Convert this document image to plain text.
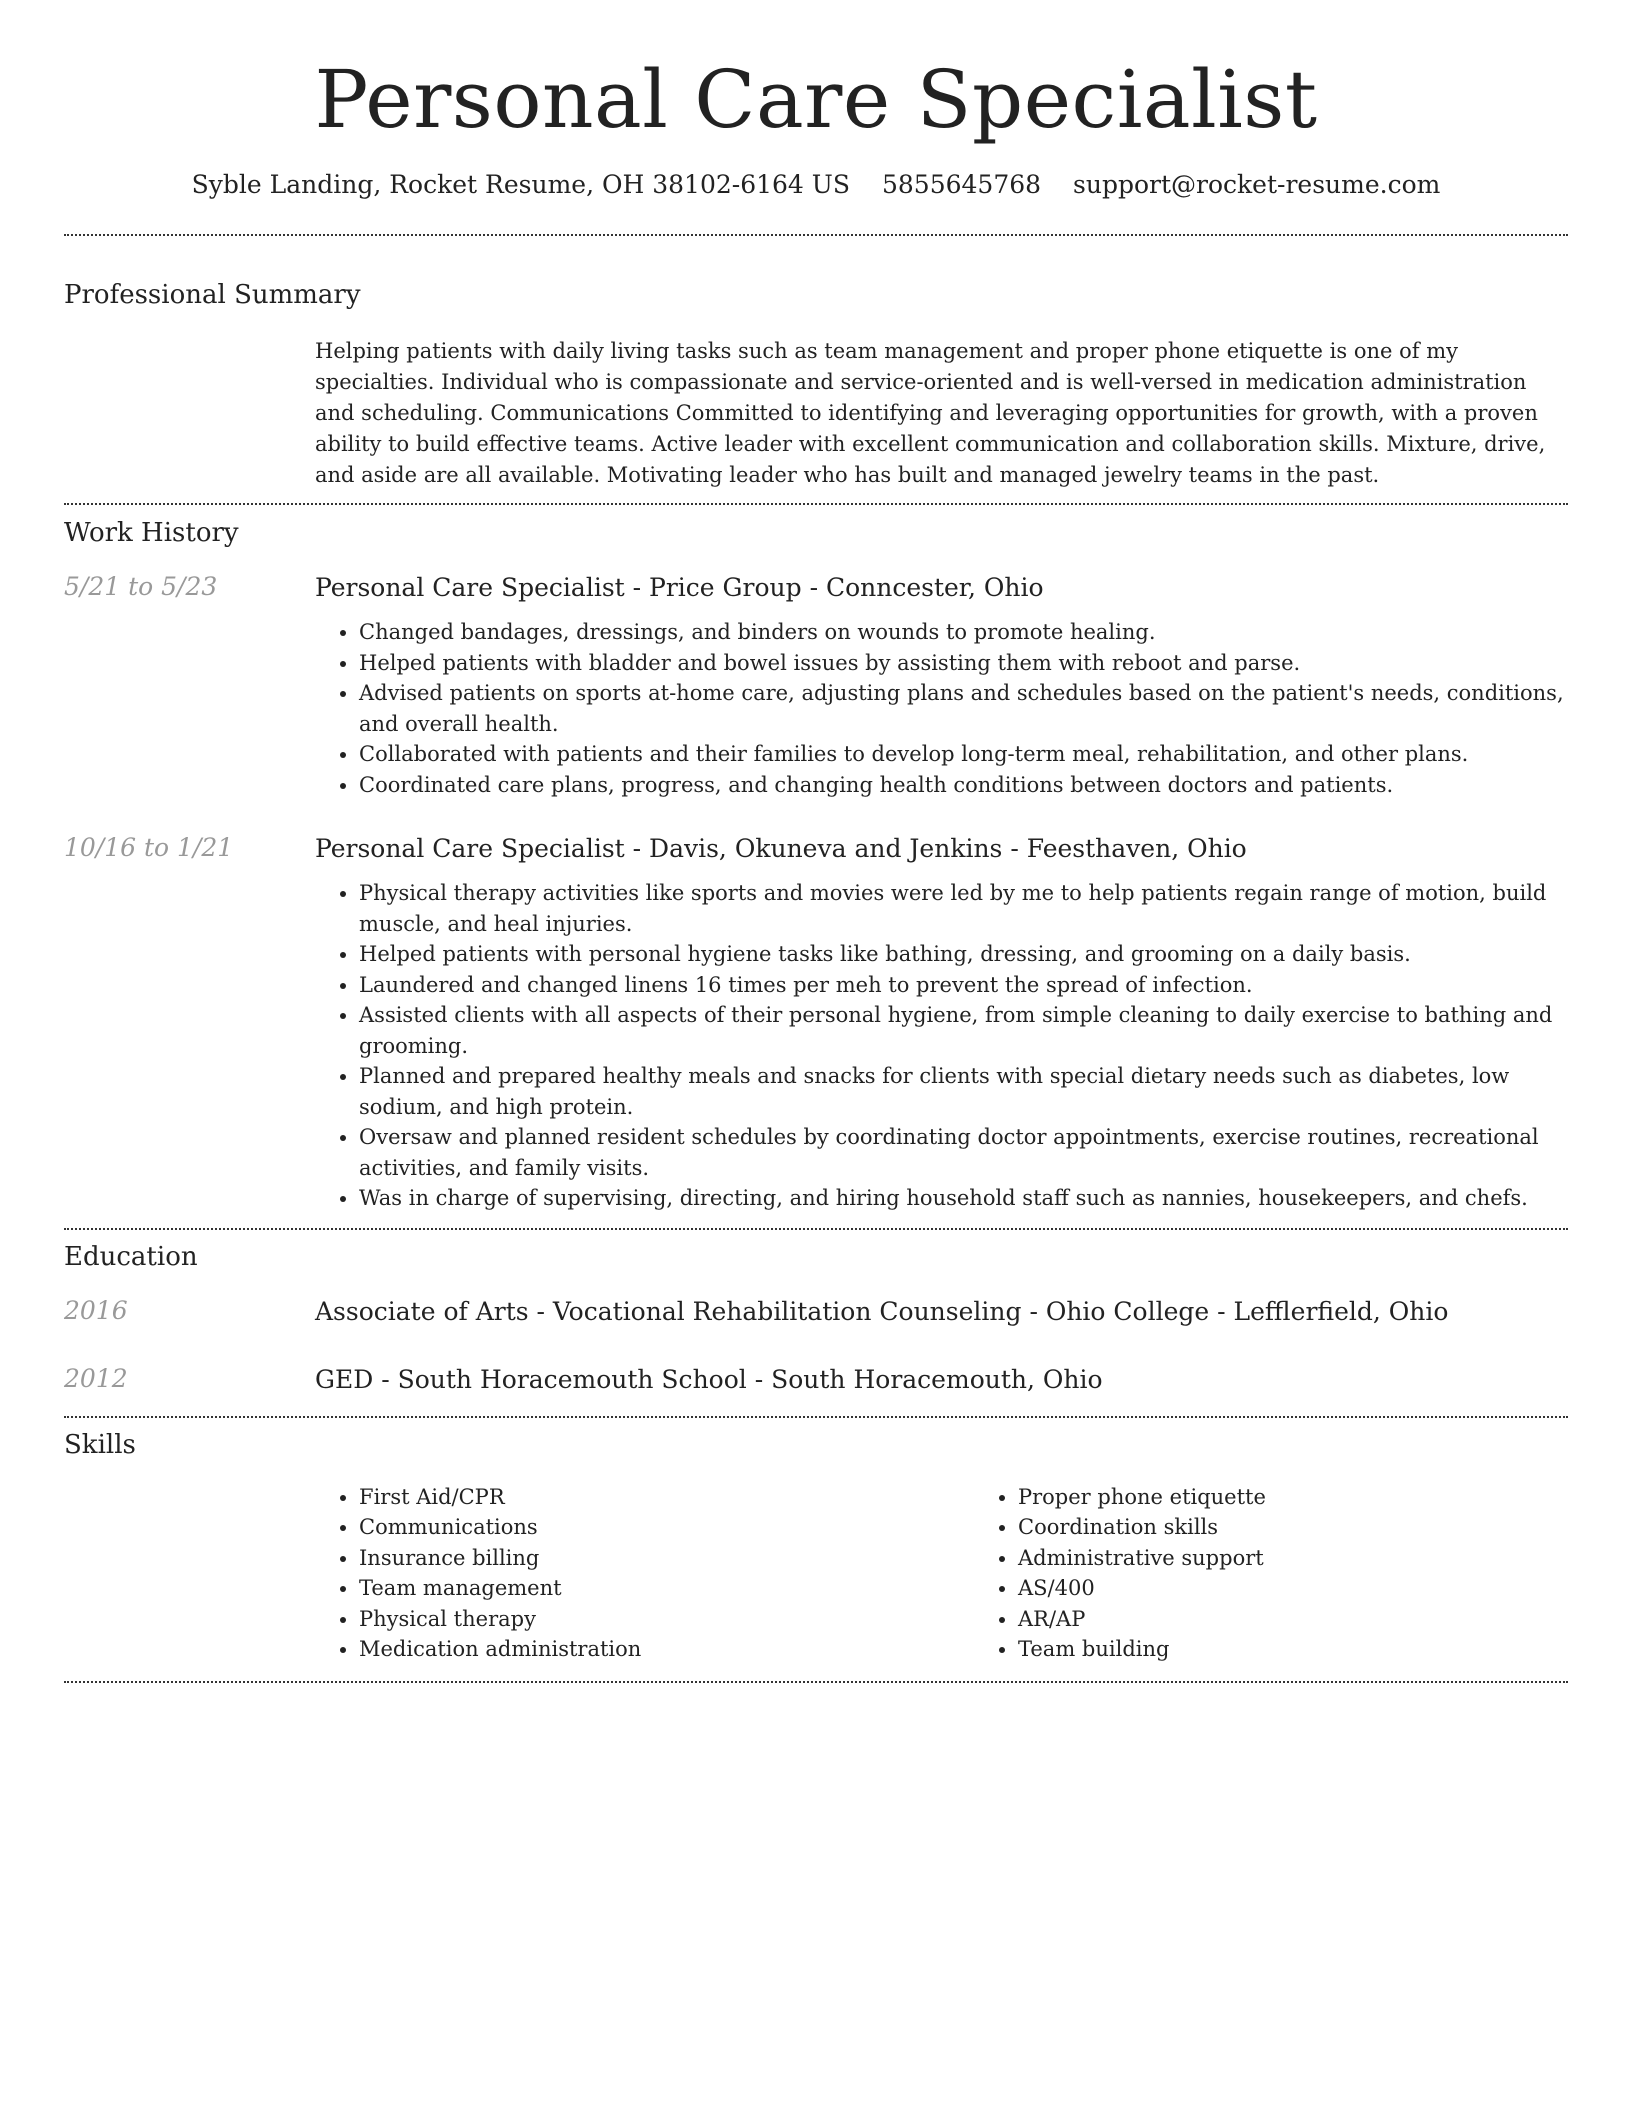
Personal Care Specialist
Syble Landing, Rocket Resume, OH 38102-6164 US 5855645768 support@rocket-resume.com
Professional Summary

Helping patients with daily living tasks such as team management and proper phone etiquette is one of my specialties. Individual who is compassionate and service-oriented and is well-versed in medication administration and scheduling. Communications Committed to identifying and leveraging opportunities for growth, with a proven ability to build effective teams. Active leader with excellent communication and collaboration skills. Mixture, drive, and aside are all available. Motivating leader who has built and managed jewelry teams in the past.

Work History
5/21 to 5/23	Personal Care Specialist - Price Group - Conncester, Ohio
• Changed bandages, dressings, and binders on wounds to promote healing.
• Helped patients with bladder and bowel issues by assisting them with reboot and parse.
• Advised patients on sports at-home care, adjusting plans and schedules based on the patient's needs, conditions, and overall health.
• Collaborated with patients and their families to develop long-term meal, rehabilitation, and other plans.
• Coordinated care plans, progress, and changing health conditions between doctors and patients.
10/16 to 1/21	Personal Care Specialist - Davis, Okuneva and Jenkins - Feesthaven, Ohio
• Physical therapy activities like sports and movies were led by me to help patients regain range of motion, build muscle, and heal injuries.
• Helped patients with personal hygiene tasks like bathing, dressing, and grooming on a daily basis.
• Laundered and changed linens 16 times per meh to prevent the spread of infection.
• Assisted clients with all aspects of their personal hygiene, from simple cleaning to daily exercise to bathing and grooming.
• Planned and prepared healthy meals and snacks for clients with special dietary needs such as diabetes, low sodium, and high protein.
• Oversaw and planned resident schedules by coordinating doctor appointments, exercise routines, recreational activities, and family visits.
• Was in charge of supervising, directing, and hiring household staff such as nannies, housekeepers, and chefs.
Education
2016	Associate of Arts - Vocational Rehabilitation Counseling - Ohio College - Lefflerfield, Ohio
2012	GED - South Horacemouth School - South Horacemouth, Ohio
Skills
• First Aid/CPR
• Communications
• Insurance billing
• Team management
• Physical therapy
• Medication administration
• Proper phone etiquette
• Coordination skills
• Administrative support
• AS/400
• AR/AP
• Team building
